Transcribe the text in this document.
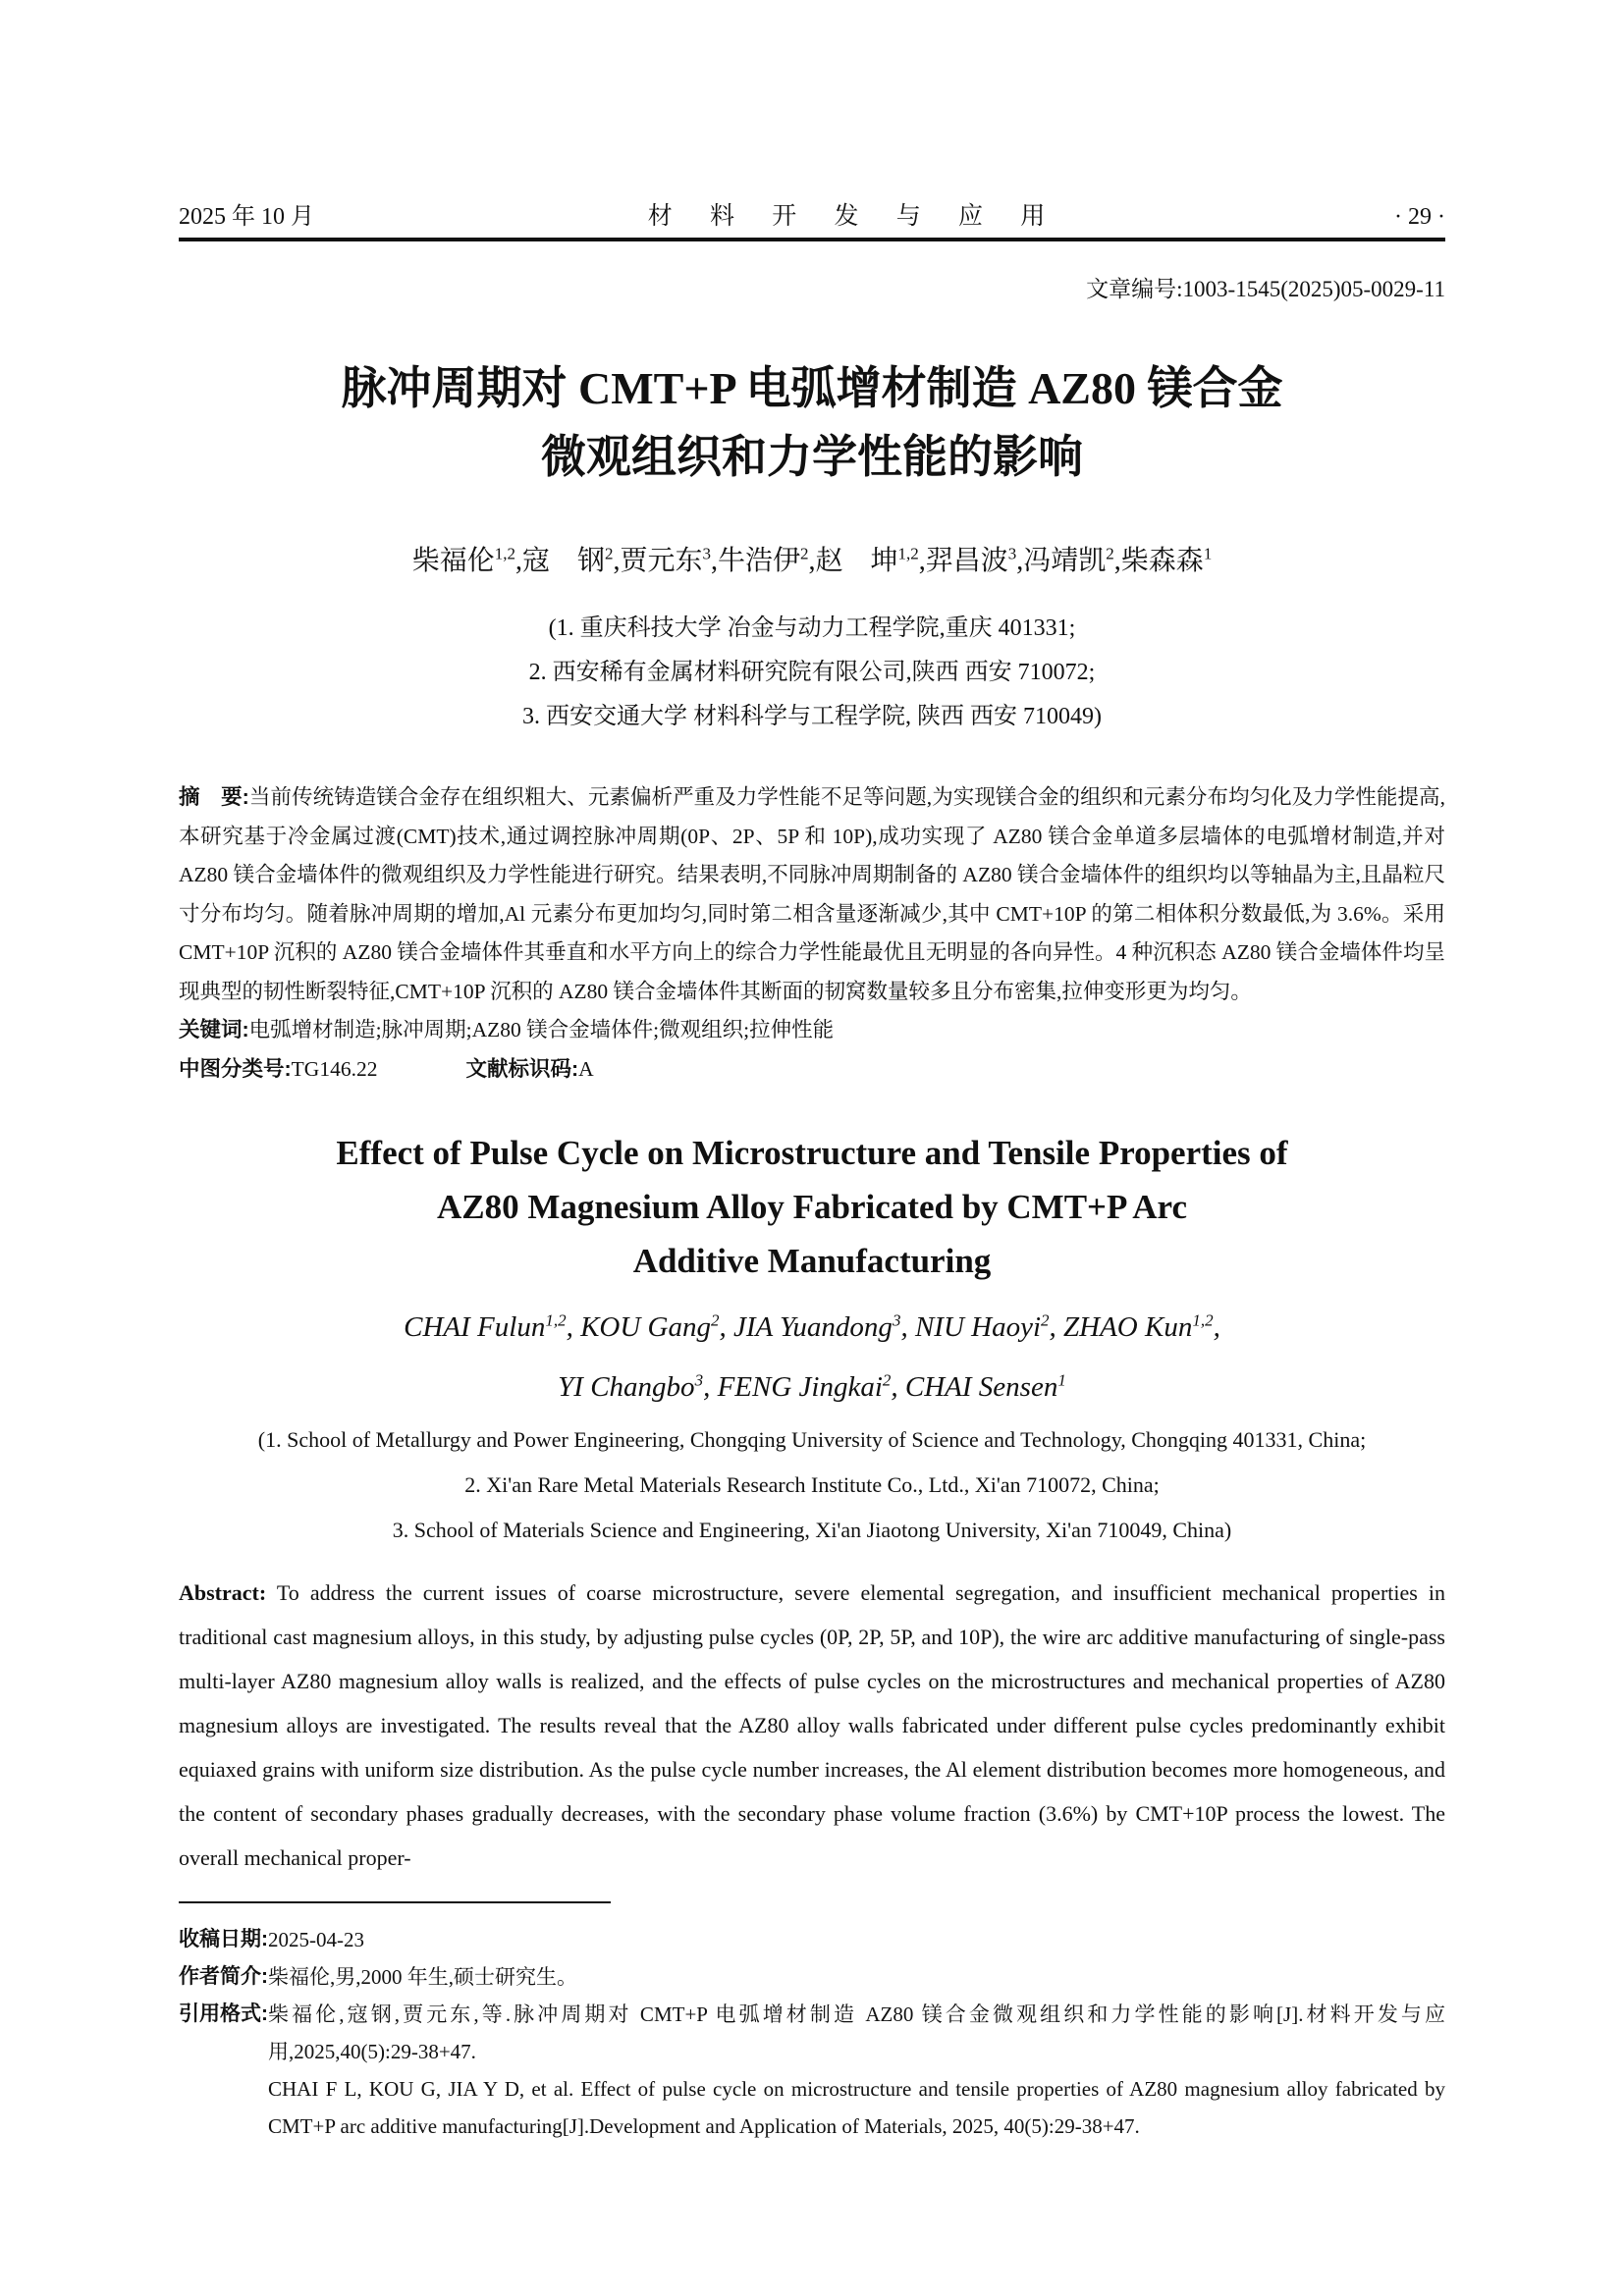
2025 年 10 月	材 料 开 发 与 应 用	· 29 ·
文章编号:1003-1545(2025)05-0029-11
脉冲周期对 CMT+P 电弧增材制造 AZ80 镁合金
微观组织和力学性能的影响
柴福伦$^{1,2}$,寇　钢$^2$,贾元东$^3$,牛浩伊$^2$,赵　坤$^{1,2}$,羿昌波$^3$,冯靖凯$^2$,柴森森$^1$
(1. 重庆科技大学 冶金与动力工程学院,重庆 401331;
2. 西安稀有金属材料研究院有限公司,陕西 西安 710072;
3. 西安交通大学 材料科学与工程学院, 陕西 西安 710049)
摘　要:当前传统铸造镁合金存在组织粗大、元素偏析严重及力学性能不足等问题,为实现镁合金的组织和元素分布均匀化及力学性能提高,本研究基于冷金属过渡(CMT)技术,通过调控脉冲周期(0P、2P、5P 和 10P),成功实现了 AZ80 镁合金单道多层墙体的电弧增材制造,并对 AZ80 镁合金墙体件的微观组织及力学性能进行研究。结果表明,不同脉冲周期制备的 AZ80 镁合金墙体件的组织均以等轴晶为主,且晶粒尺寸分布均匀。随着脉冲周期的增加,Al 元素分布更加均匀,同时第二相含量逐渐减少,其中 CMT+10P 的第二相体积分数最低,为 3.6%。采用 CMT+10P 沉积的 AZ80 镁合金墙体件其垂直和水平方向上的综合力学性能最优且无明显的各向异性。4 种沉积态 AZ80 镁合金墙体件均呈现典型的韧性断裂特征,CMT+10P 沉积的 AZ80 镁合金墙体件其断面的韧窝数量较多且分布密集,拉伸变形更为均匀。
关键词:电弧增材制造;脉冲周期;AZ80 镁合金墙体件;微观组织;拉伸性能
中图分类号:TG146.22	文献标识码:A
Effect of Pulse Cycle on Microstructure and Tensile Properties of
AZ80 Magnesium Alloy Fabricated by CMT+P Arc
Additive Manufacturing
CHAI Fulun$^{1,2}$, KOU Gang$^2$, JIA Yuandong$^3$, NIU Haoyi$^2$, ZHAO Kun$^{1,2}$,
YI Changbo$^3$, FENG Jingkai$^2$, CHAI Sensen$^1$
(1. School of Metallurgy and Power Engineering, Chongqing University of Science and Technology, Chongqing 401331, China;
2. Xi'an Rare Metal Materials Research Institute Co., Ltd., Xi'an 710072, China;
3. School of Materials Science and Engineering, Xi'an Jiaotong University, Xi'an 710049, China)
Abstract: To address the current issues of coarse microstructure, severe elemental segregation, and insufficient mechanical properties in traditional cast magnesium alloys, in this study, by adjusting pulse cycles (0P, 2P, 5P, and 10P), the wire arc additive manufacturing of single-pass multi-layer AZ80 magnesium alloy walls is realized, and the effects of pulse cycles on the microstructures and mechanical properties of AZ80 magnesium alloys are investigated. The results reveal that the AZ80 alloy walls fabricated under different pulse cycles predominantly exhibit equiaxed grains with uniform size distribution. As the pulse cycle number increases, the Al element distribution becomes more homogeneous, and the content of secondary phases gradually decreases, with the secondary phase volume fraction (3.6%) by CMT+10P process the lowest. The overall mechanical proper-
收稿日期: 2025-04-23
作者简介: 柴福伦,男,2000 年生,硕士研究生。
引用格式: 柴福伦,寇钢,贾元东,等.脉冲周期对 CMT+P 电弧增材制造 AZ80 镁合金微观组织和力学性能的影响[J].材料开发与应用,2025,40(5):29-38+47.

CHAI F L, KOU G, JIA Y D, et al. Effect of pulse cycle on microstructure and tensile properties of AZ80 magnesium alloy fabricated by CMT+P arc additive manufacturing[J].Development and Application of Materials, 2025, 40(5):29-38+47.
